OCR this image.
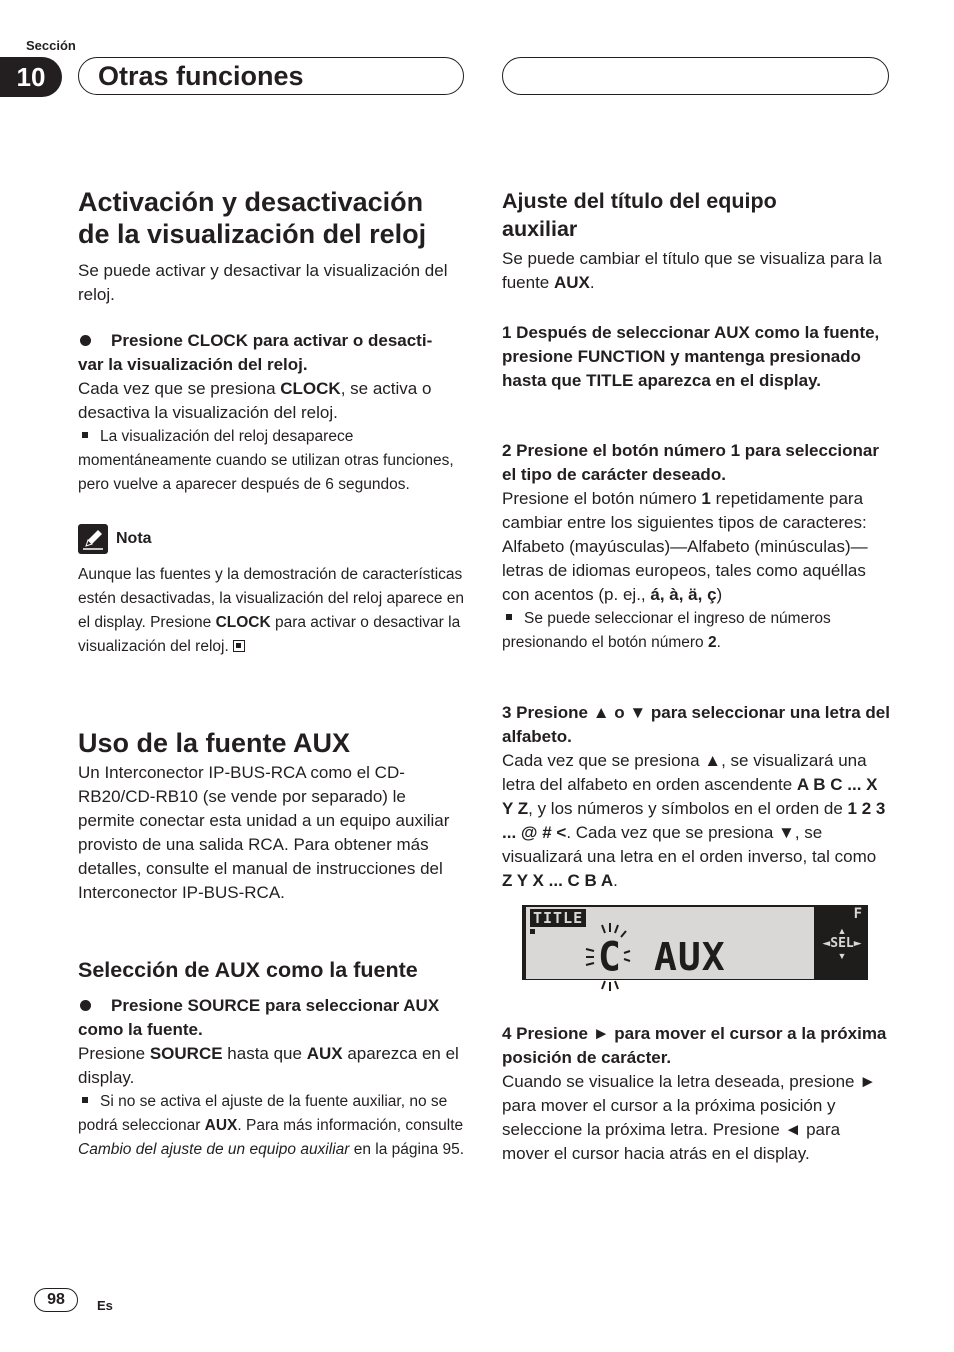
Sección
10	Otras funciones
Activación y desactivación
de la visualización del reloj

Se puede activar y desactivar la visualización del reloj.

Presione CLOCK para activar o desacti-
var la visualización del reloj.

Cada vez que se presiona CLOCK, se activa o desactiva la visualización del reloj.

La visualización del reloj desaparece momentáneamente cuando se utilizan otras funciones, pero vuelve a aparecer después de 6 segundos.

Nota

Aunque las fuentes y la demostración de características estén desactivadas, la visualización del reloj aparece en el display. Presione CLOCK para activar o desactivar la visualización del reloj.

Uso de la fuente AUX

Un Interconector IP-BUS-RCA como el CD-RB20/CD-RB10 (se vende por separado) le permite conectar esta unidad a un equipo auxiliar provisto de una salida RCA. Para obtener más detalles, consulte el manual de instrucciones del Interconector IP-BUS-RCA.

Selección de AUX como la fuente

Presione SOURCE para seleccionar AUX como la fuente.

Presione SOURCE hasta que AUX aparezca en el display.

Si no se activa el ajuste de la fuente auxiliar, no se podrá seleccionar AUX. Para más información, consulte Cambio del ajuste de un equipo auxiliar en la página 95.

Ajuste del título del equipo
auxiliar

Se puede cambiar el título que se visualiza para la fuente AUX.

1 Después de seleccionar AUX como la fuente, presione FUNCTION y mantenga presionado hasta que TITLE aparezca en el display.

2 Presione el botón número 1 para seleccionar el tipo de carácter deseado.

Presione el botón número 1 repetidamente para cambiar entre los siguientes tipos de caracteres:

Alfabeto (mayúsculas)—Alfabeto (minúsculas)—letras de idiomas europeos, tales como aquéllas con acentos (p. ej., á, à, ä, ç)

Se puede seleccionar el ingreso de números presionando el botón número 2.

3 Presione ▲ o ▼ para seleccionar una letra del alfabeto.

Cada vez que se presiona ▲, se visualizará una letra del alfabeto en orden ascendente A B C ... X Y Z, y los números y símbolos en el orden de 1 2 3 ... @ # <. Cada vez que se presiona ▼, se visualizará una letra en el orden inverso, tal como Z Y X ... C B A.

TITLE
C AUX
F
▲
◄SEL►
▼

4 Presione ► para mover el cursor a la próxima posición de carácter.

Cuando se visualice la letra deseada, presione ► para mover el cursor a la próxima posición y seleccione la próxima letra. Presione ◄ para mover el cursor hacia atrás en el display.

98	Es
